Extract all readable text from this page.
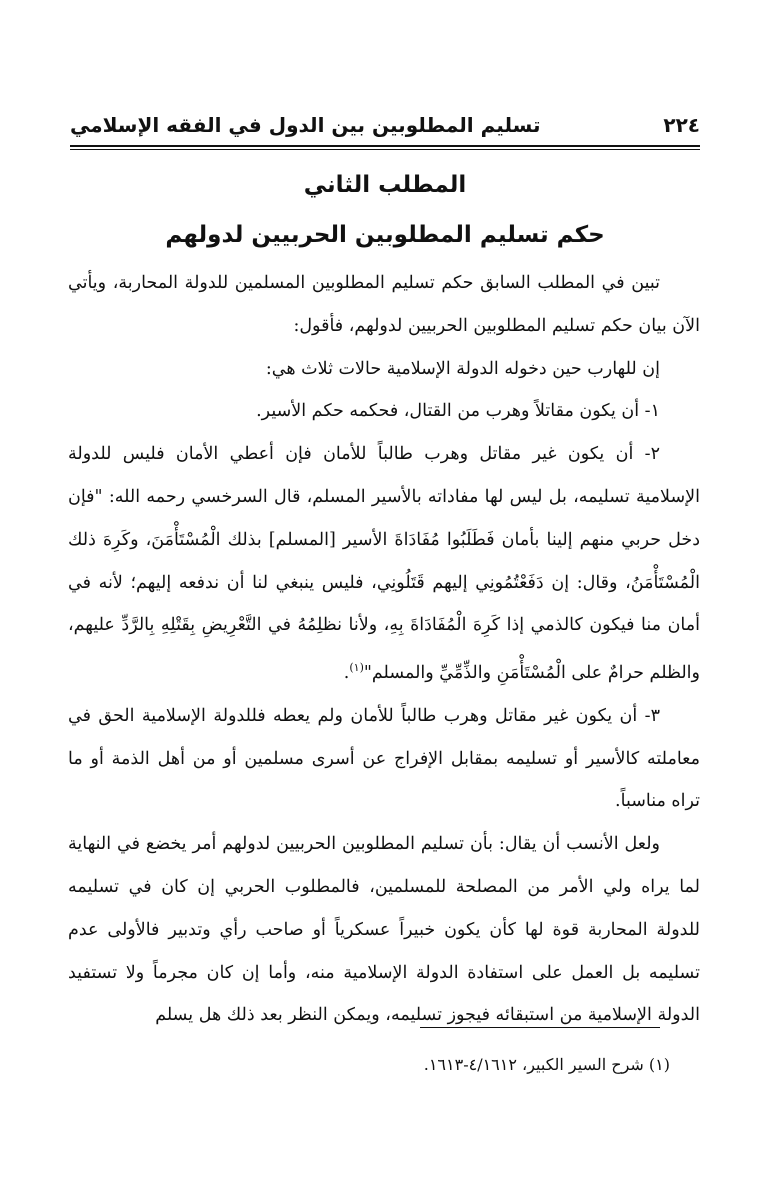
٢٢٤
تسليم المطلوبين بين الدول في الفقه الإسلامي
المطلب الثاني
حكم تسليم المطلوبين الحربيين لدولهم

تبين في المطلب السابق حكم تسليم المطلوبين المسلمين للدولة المحاربة، ويأتي الآن بيان حكم تسليم المطلوبين الحربيين لدولهم، فأقول:

إن للهارب حين دخوله الدولة الإسلامية حالات ثلاث هي:

١- أن يكون مقاتلاً وهرب من القتال، فحكمه حكم الأسير.

٢- أن يكون غير مقاتل وهرب طالباً للأمان فإن أعطي الأمان فليس للدولة الإسلامية تسليمه، بل ليس لها مفاداته بالأسير المسلم، قال السرخسي رحمه الله: "فإن دخل حربي منهم إلينا بأمان فَطَلَبُوا مُفَادَاةَ الأسير [المسلم] بذلك الْمُسْتَأْمَنَ، وكَرِهَ ذلك الْمُسْتَأْمَنُ، وقال: إن دَفَعْتُمُونِي إليهم قَتَلُونِي، فليس ينبغي لنا أن ندفعه إليهم؛ لأنه في أمان منا فيكون كالذمي إذا كَرِهَ الْمُفَادَاةَ بِهِ، ولأنا نظلِمُهُ في التَّعْرِيضِ بِقَتْلِهِ بِالرَّدِّ عليهم، والظلم حرامٌ على الْمُسْتَأْمَنِ والذِّمِّيِّ والمسلم"$^{(١)}$.

٣- أن يكون غير مقاتل وهرب طالباً للأمان ولم يعطه فللدولة الإسلامية الحق في معاملته كالأسير أو تسليمه بمقابل الإفراج عن أسرى مسلمين أو من أهل الذمة أو ما تراه مناسباً.

ولعل الأنسب أن يقال: بأن تسليم المطلوبين الحربيين لدولهم أمر يخضع في النهاية لما يراه ولي الأمر من المصلحة للمسلمين، فالمطلوب الحربي إن كان في تسليمه للدولة المحاربة قوة لها كأن يكون خبيراً عسكرياً أو صاحب رأي وتدبير فالأولى عدم تسليمه بل العمل على استفادة الدولة الإسلامية منه، وأما إن كان مجرماً ولا تستفيد الدولة الإسلامية من استبقائه فيجوز تسليمه، ويمكن النظر بعد ذلك هل يسلم

(١) شرح السير الكبير، ٤/١٦١٢-١٦١٣.
